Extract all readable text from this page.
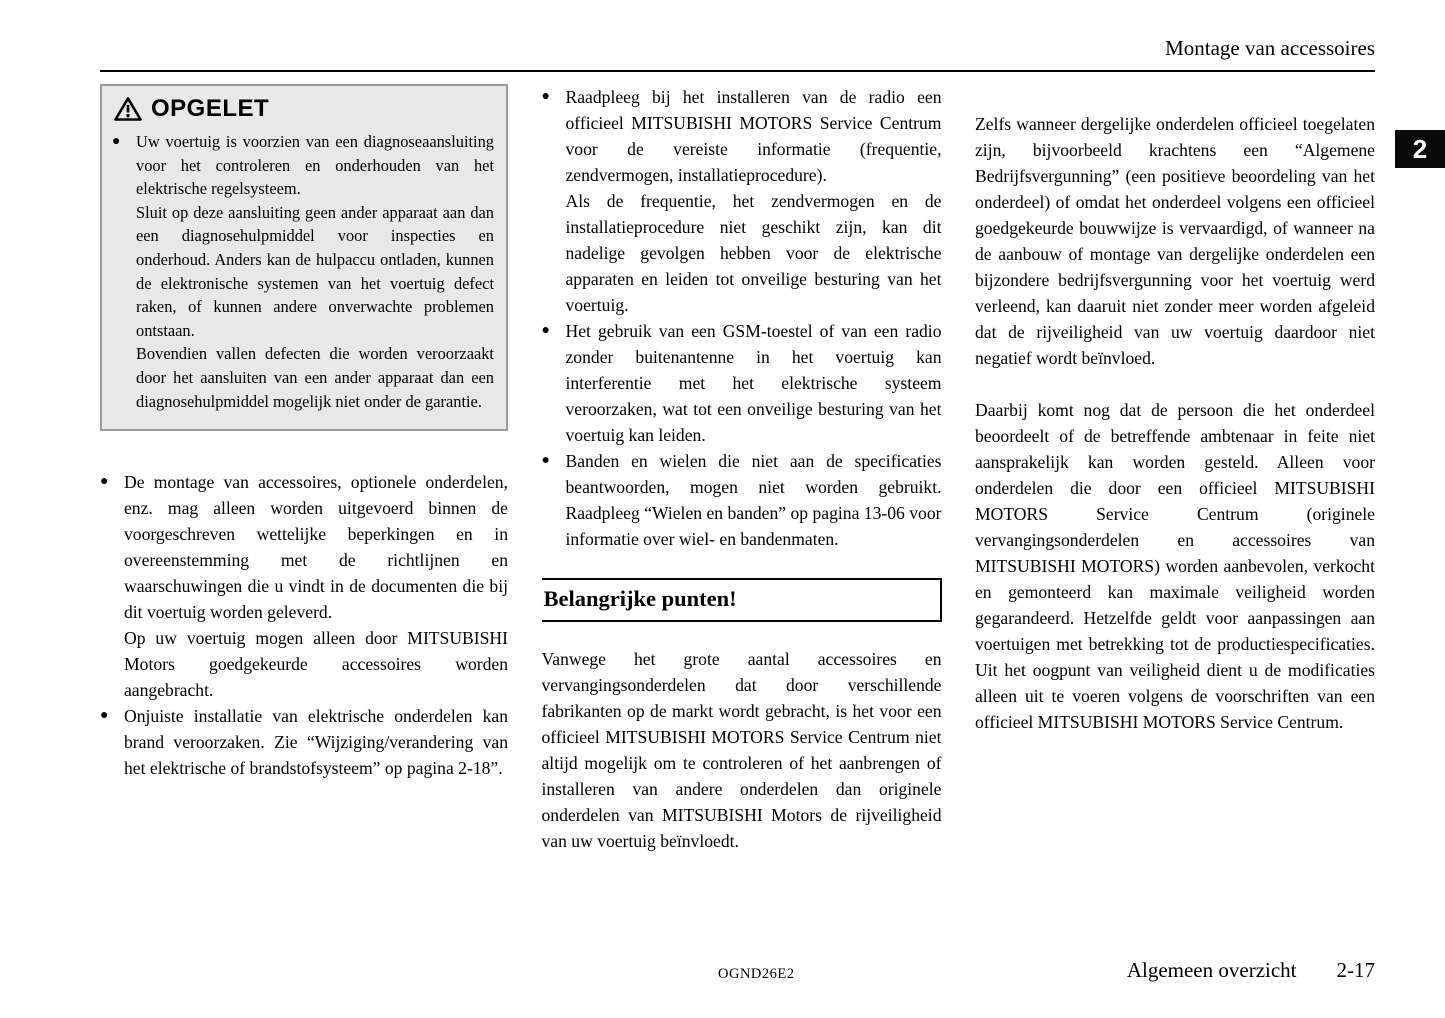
Montage van accessoires
2
OPGELET
● Uw voertuig is voorzien van een diagnoseaansluiting voor het controleren en onderhouden van het elektrische regelsysteem.

Sluit op deze aansluiting geen ander apparaat aan dan een diagnosehulpmiddel voor inspecties en onderhoud. Anders kan de hulpaccu ontladen, kunnen de elektronische systemen van het voertuig defect raken, of kunnen andere onverwachte problemen ontstaan.

Bovendien vallen defecten die worden veroorzaakt door het aansluiten van een ander apparaat dan een diagnosehulpmiddel mogelijk niet onder de garantie.

● De montage van accessoires, optionele onderdelen, enz. mag alleen worden uitgevoerd binnen de voorgeschreven wettelijke beperkingen en in overeenstemming met de richtlijnen en waarschuwingen die u vindt in de documenten die bij dit voertuig worden geleverd.

Op uw voertuig mogen alleen door MITSUBISHI Motors goedgekeurde accessoires worden aangebracht.

● Onjuiste installatie van elektrische onderdelen kan brand veroorzaken. Zie “Wijziging/verandering van het elektrische of brandstofsysteem” op pagina 2-18”.

● Raadpleeg bij het installeren van de radio een officieel MITSUBISHI MOTORS Service Centrum voor de vereiste informatie (frequentie, zendvermogen, installatieprocedure).

Als de frequentie, het zendvermogen en de installatieprocedure niet geschikt zijn, kan dit nadelige gevolgen hebben voor de elektrische apparaten en leiden tot onveilige besturing van het voertuig.

● Het gebruik van een GSM-toestel of van een radio zonder buitenantenne in het voertuig kan interferentie met het elektrische systeem veroorzaken, wat tot een onveilige besturing van het voertuig kan leiden.

● Banden en wielen die niet aan de specificaties beantwoorden, mogen niet worden gebruikt. Raadpleeg “Wielen en banden” op pagina 13-06 voor informatie over wiel- en bandenmaten.

Belangrijke punten!

Vanwege het grote aantal accessoires en vervangingsonderdelen dat door verschillende fabrikanten op de markt wordt gebracht, is het voor een officieel MITSUBISHI MOTORS Service Centrum niet altijd mogelijk om te controleren of het aanbrengen of installeren van andere onderdelen dan originele onderdelen van MITSUBISHI Motors de rijveiligheid van uw voertuig beïnvloedt.

Zelfs wanneer dergelijke onderdelen officieel toegelaten zijn, bijvoorbeeld krachtens een “Algemene Bedrijfsvergunning” (een positieve beoordeling van het onderdeel) of omdat het onderdeel volgens een officieel goedgekeurde bouwwijze is vervaardigd, of wanneer na de aanbouw of montage van dergelijke onderdelen een bijzondere bedrijfsvergunning voor het voertuig werd verleend, kan daaruit niet zonder meer worden afgeleid dat de rijveiligheid van uw voertuig daardoor niet negatief wordt beïnvloed.

Daarbij komt nog dat de persoon die het onderdeel beoordeelt of de betreffende ambtenaar in feite niet aansprakelijk kan worden gesteld. Alleen voor onderdelen die door een officieel MITSUBISHI MOTORS Service Centrum (originele vervangingsonderdelen en accessoires van MITSUBISHI MOTORS) worden aanbevolen, verkocht en gemonteerd kan maximale veiligheid worden gegarandeerd. Hetzelfde geldt voor aanpassingen aan voertuigen met betrekking tot de productiespecificaties. Uit het oogpunt van veiligheid dient u de modificaties alleen uit te voeren volgens de voorschriften van een officieel MITSUBISHI MOTORS Service Centrum.

OGND26E2	Algemeen overzicht 2-17
